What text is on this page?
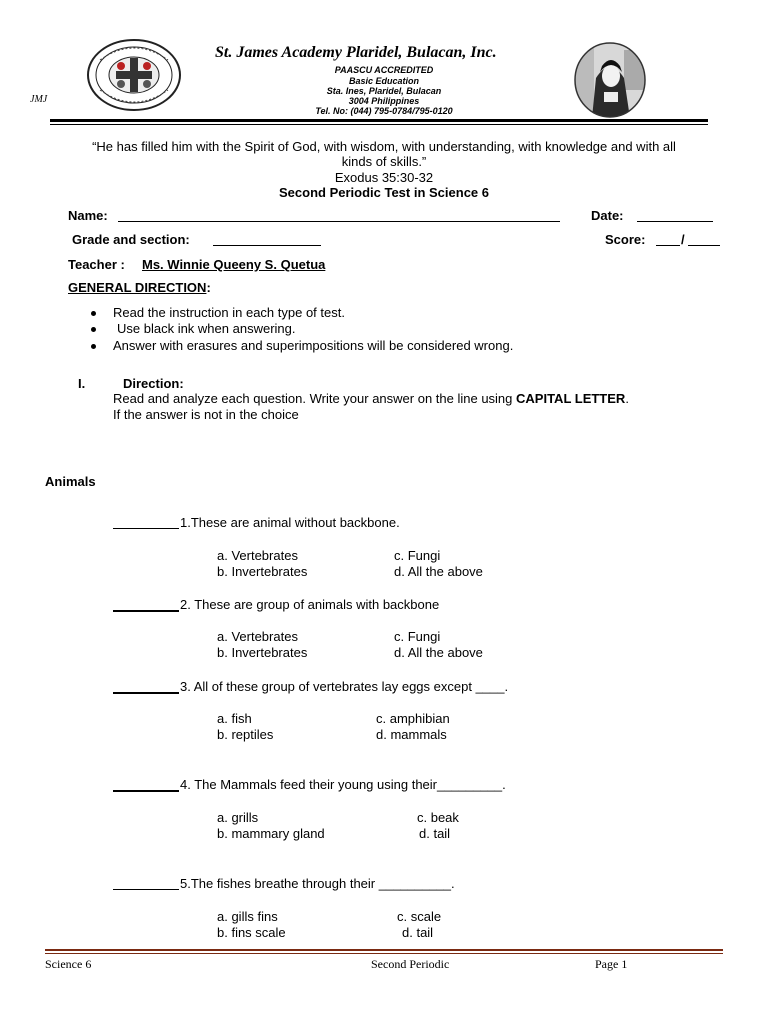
St. James Academy Plaridel, Bulacan, Inc.
PAASCU ACCREDITED
Basic Education
Sta. Ines, Plaridel, Bulacan
3004 Philippines
Tel. No: (044) 795-0784/795-0120
JMJ
“He has filled him with the Spirit of God, with wisdom, with understanding, with knowledge and with all
kinds of skills.”
Exodus 35:30-32
Second Periodic Test in Science 6
Name:	Date:
Grade and section:	Score:	/
Teacher : Ms. Winnie Queeny S. Quetua
GENERAL DIRECTION:
Read the instruction in each type of test.
Use black ink when answering.
Answer with erasures and superimpositions will be considered wrong.
I.	Direction:
Read and analyze each question. Write your answer on the line using CAPITAL LETTER.
If the answer is not in the choice
Animals
1.These are animal without backbone.
a. Vertebrates
b. Invertebrates
c. Fungi
d. All the above
2. These are group of animals with backbone
a. Vertebrates
b. Invertebrates
c. Fungi
d. All the above
3. All of these group of vertebrates lay eggs except ____.
a. fish
b. reptiles
c. amphibian
d. mammals
4. The Mammals feed their young using their_________.
a. grills
b. mammary gland
c. beak
d. tail
5.The fishes breathe through their __________.
a. gills fins
b. fins scale
c. scale
d. tail
Science 6	Second Periodic	Page 1
